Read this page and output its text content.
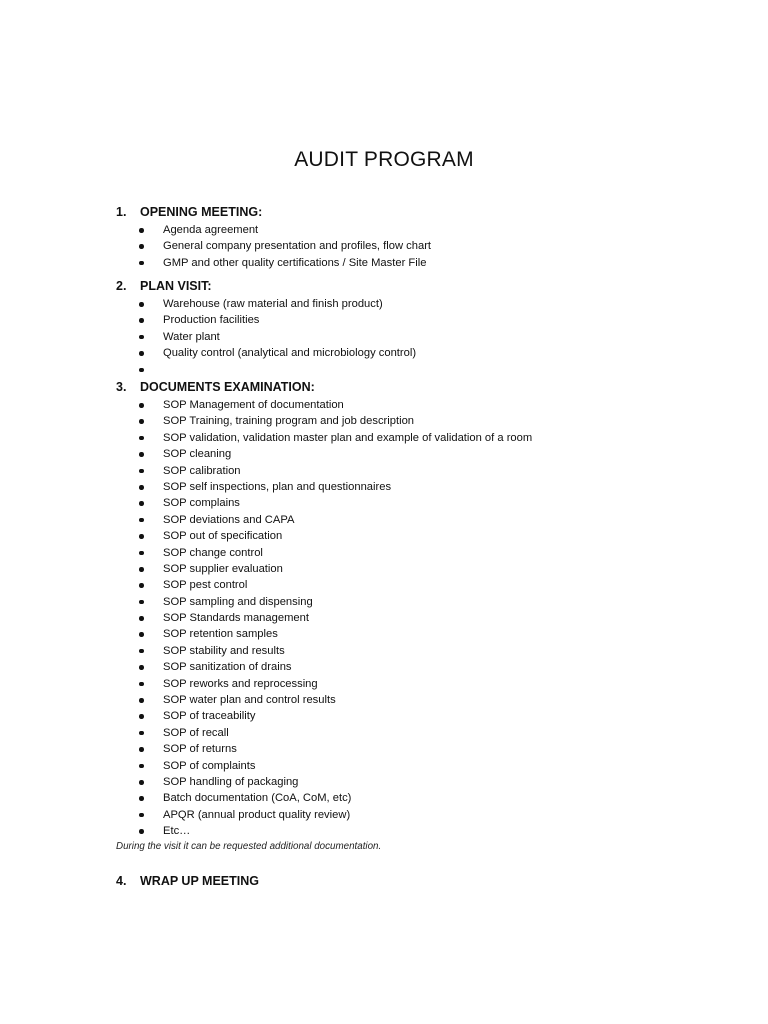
AUDIT PROGRAM
1. OPENING MEETING:
Agenda agreement
General company presentation and profiles, flow chart
GMP and other quality certifications / Site Master File
2. PLAN VISIT:
Warehouse (raw material and finish product)
Production facilities
Water plant
Quality control (analytical and microbiology control)
3. DOCUMENTS EXAMINATION:
SOP Management of documentation
SOP Training, training program and job description
SOP validation, validation master plan and example of validation of a room
SOP cleaning
SOP calibration
SOP self inspections, plan and questionnaires
SOP complains
SOP deviations and CAPA
SOP out of specification
SOP change control
SOP supplier evaluation
SOP pest control
SOP sampling and dispensing
SOP Standards management
SOP retention samples
SOP stability and results
SOP sanitization of drains
SOP reworks and reprocessing
SOP water plan and control results
SOP of traceability
SOP of recall
SOP of returns
SOP of complaints
SOP handling of packaging
Batch documentation (CoA, CoM, etc)
APQR (annual product quality review)
Etc…
During the visit it can be requested additional documentation.
4. WRAP UP MEETING
